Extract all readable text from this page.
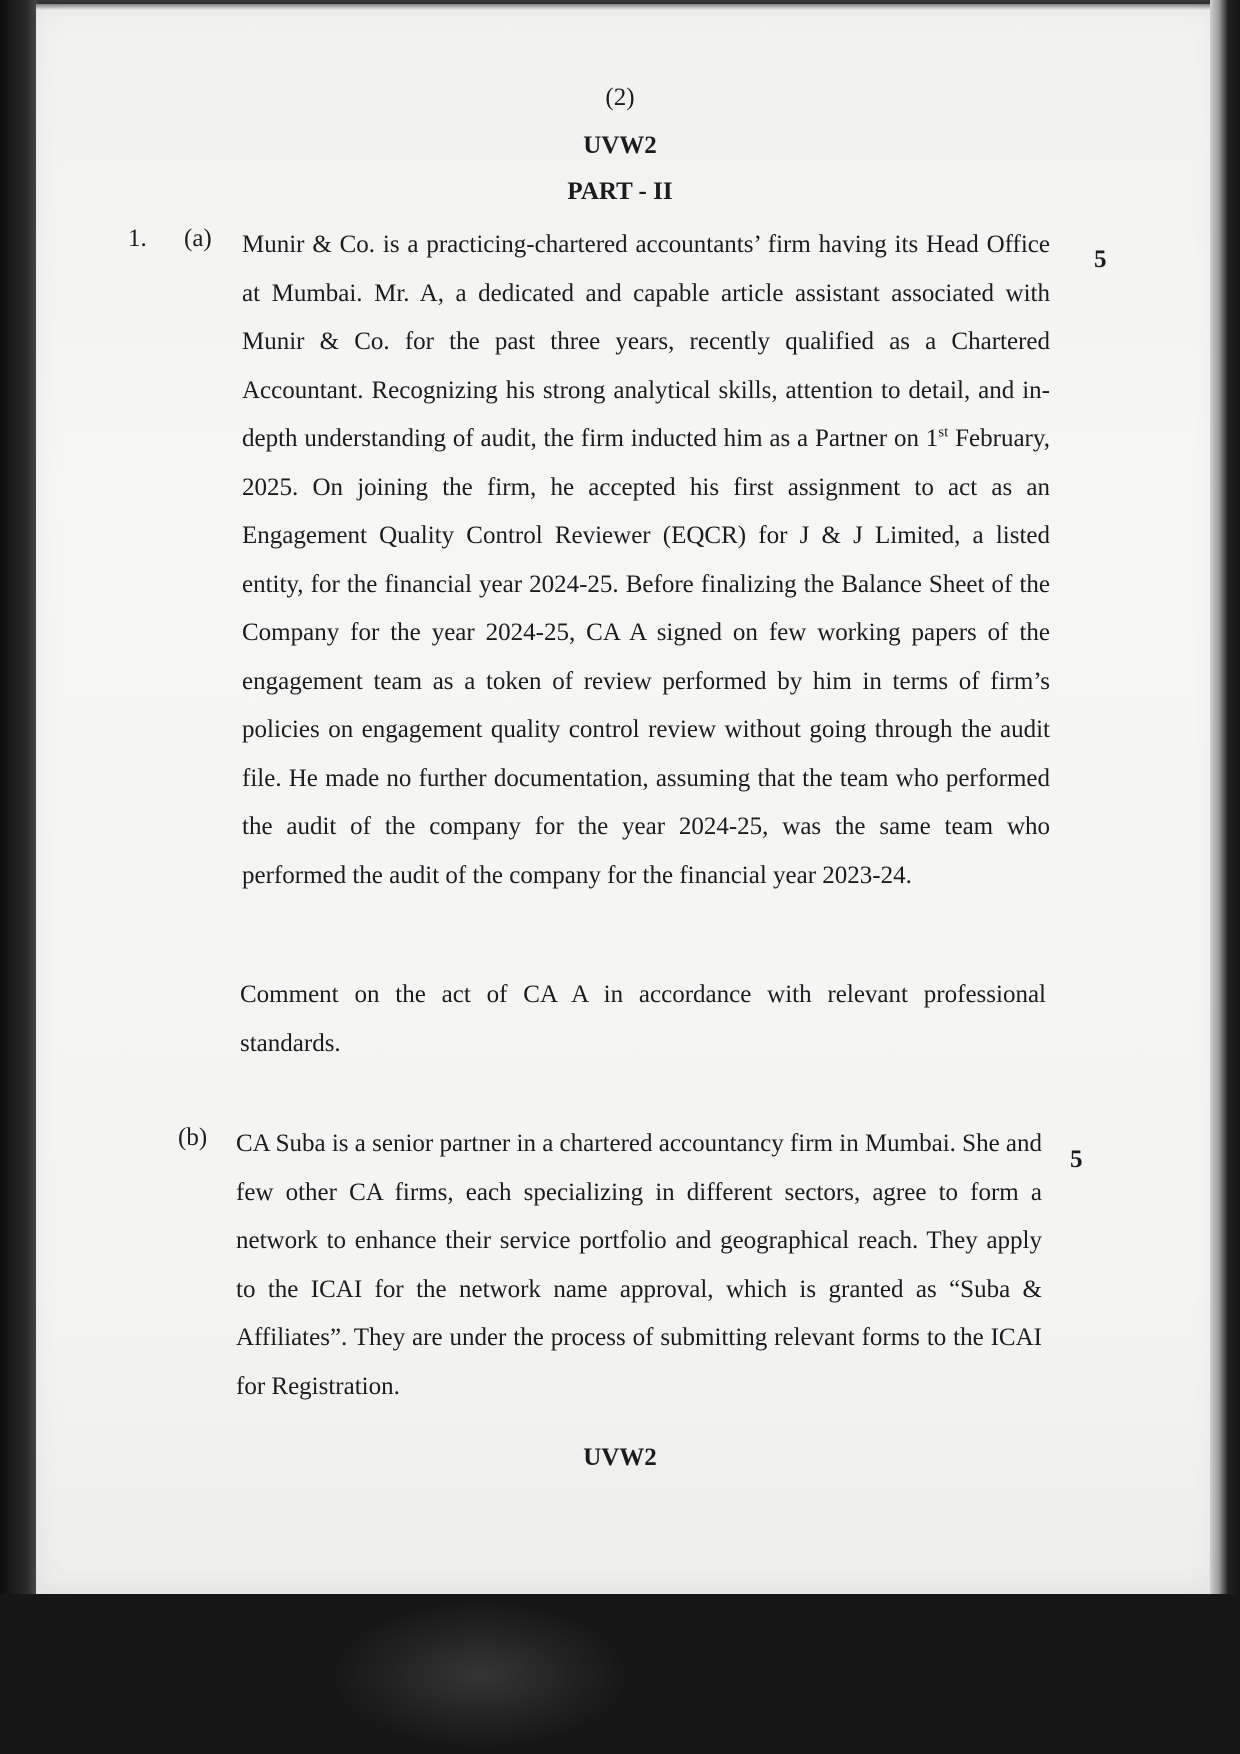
(2)
UVW2
PART - II
1. (a)
5

Munir & Co. is a practicing-chartered accountants’ firm having its Head Office at Mumbai. Mr. A, a dedicated and capable article assistant associated with Munir & Co. for the past three years, recently qualified as a Chartered Accountant. Recognizing his strong analytical skills, attention to detail, and in-depth understanding of audit, the firm inducted him as a Partner on 1st February, 2025. On joining the firm, he accepted his first assignment to act as an Engagement Quality Control Reviewer (EQCR) for J & J Limited, a listed entity, for the financial year 2024-25. Before finalizing the Balance Sheet of the Company for the year 2024-25, CA A signed on few working papers of the engagement team as a token of review performed by him in terms of firm’s policies on engagement quality control review without going through the audit file. He made no further documentation, assuming that the team who performed the audit of the company for the year 2024-25, was the same team who performed the audit of the company for the financial year 2023-24.

Comment on the act of CA A in accordance with relevant professional standards.

(b)
5

CA Suba is a senior partner in a chartered accountancy firm in Mumbai. She and few other CA firms, each specializing in different sectors, agree to form a network to enhance their service portfolio and geographical reach. They apply to the ICAI for the network name approval, which is granted as “Suba & Affiliates”. They are under the process of submitting relevant forms to the ICAI for Registration.

UVW2
